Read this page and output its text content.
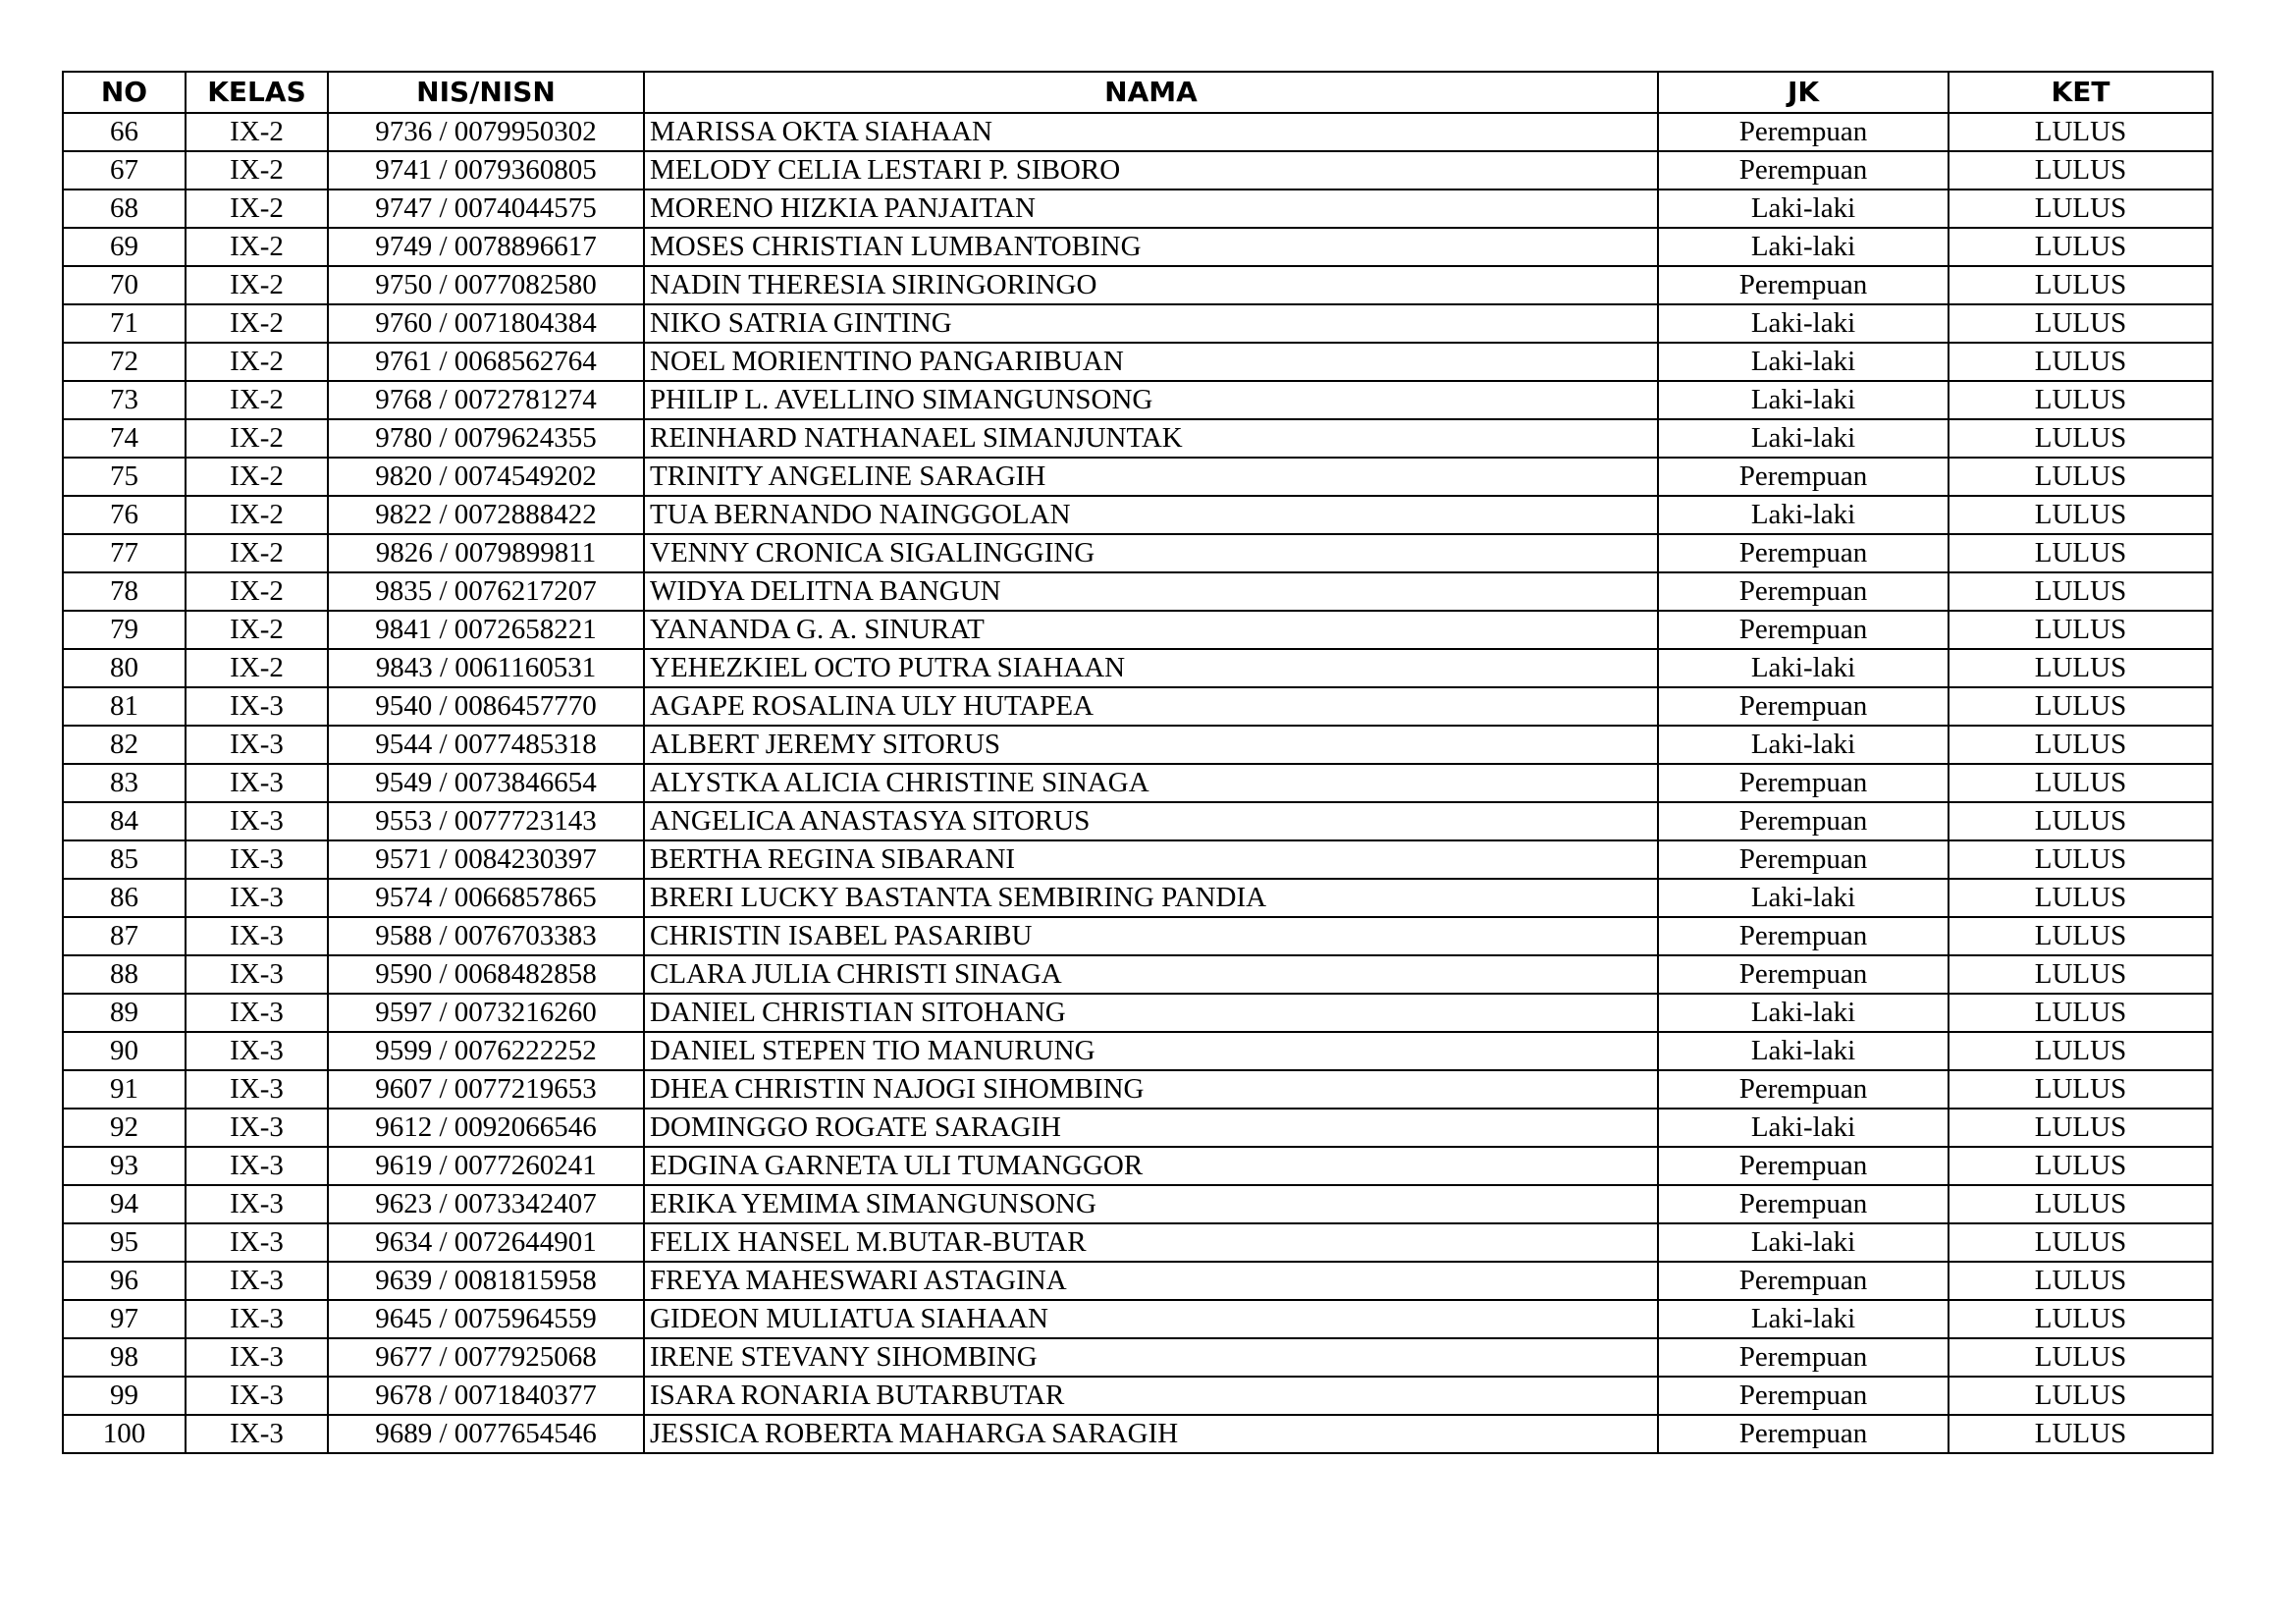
NO	KELAS	NIS/NISN	NAMA	JK	KET
66	IX-2	9736 / 0079950302	MARISSA OKTA SIAHAAN	Perempuan	LULUS
67	IX-2	9741 / 0079360805	MELODY CELIA LESTARI P. SIBORO	Perempuan	LULUS
68	IX-2	9747 / 0074044575	MORENO HIZKIA PANJAITAN	Laki-laki	LULUS
69	IX-2	9749 / 0078896617	MOSES CHRISTIAN LUMBANTOBING	Laki-laki	LULUS
70	IX-2	9750 / 0077082580	NADIN THERESIA SIRINGORINGO	Perempuan	LULUS
71	IX-2	9760 / 0071804384	NIKO SATRIA GINTING	Laki-laki	LULUS
72	IX-2	9761 / 0068562764	NOEL MORIENTINO PANGARIBUAN	Laki-laki	LULUS
73	IX-2	9768 / 0072781274	PHILIP L. AVELLINO SIMANGUNSONG	Laki-laki	LULUS
74	IX-2	9780 / 0079624355	REINHARD NATHANAEL SIMANJUNTAK	Laki-laki	LULUS
75	IX-2	9820 / 0074549202	TRINITY ANGELINE SARAGIH	Perempuan	LULUS
76	IX-2	9822 / 0072888422	TUA BERNANDO NAINGGOLAN	Laki-laki	LULUS
77	IX-2	9826 / 0079899811	VENNY CRONICA SIGALINGGING	Perempuan	LULUS
78	IX-2	9835 / 0076217207	WIDYA DELITNA BANGUN	Perempuan	LULUS
79	IX-2	9841 / 0072658221	YANANDA G. A. SINURAT	Perempuan	LULUS
80	IX-2	9843 / 0061160531	YEHEZKIEL OCTO PUTRA SIAHAAN	Laki-laki	LULUS
81	IX-3	9540 / 0086457770	AGAPE ROSALINA ULY HUTAPEA	Perempuan	LULUS
82	IX-3	9544 / 0077485318	ALBERT JEREMY SITORUS	Laki-laki	LULUS
83	IX-3	9549 / 0073846654	ALYSTKA ALICIA CHRISTINE SINAGA	Perempuan	LULUS
84	IX-3	9553 / 0077723143	ANGELICA ANASTASYA SITORUS	Perempuan	LULUS
85	IX-3	9571 / 0084230397	BERTHA REGINA SIBARANI	Perempuan	LULUS
86	IX-3	9574 / 0066857865	BRERI LUCKY BASTANTA SEMBIRING PANDIA	Laki-laki	LULUS
87	IX-3	9588 / 0076703383	CHRISTIN ISABEL PASARIBU	Perempuan	LULUS
88	IX-3	9590 / 0068482858	CLARA JULIA CHRISTI SINAGA	Perempuan	LULUS
89	IX-3	9597 / 0073216260	DANIEL CHRISTIAN SITOHANG	Laki-laki	LULUS
90	IX-3	9599 / 0076222252	DANIEL STEPEN TIO MANURUNG	Laki-laki	LULUS
91	IX-3	9607 / 0077219653	DHEA CHRISTIN NAJOGI SIHOMBING	Perempuan	LULUS
92	IX-3	9612 / 0092066546	DOMINGGO ROGATE SARAGIH	Laki-laki	LULUS
93	IX-3	9619 / 0077260241	EDGINA GARNETA ULI TUMANGGOR	Perempuan	LULUS
94	IX-3	9623 / 0073342407	ERIKA YEMIMA SIMANGUNSONG	Perempuan	LULUS
95	IX-3	9634 / 0072644901	FELIX HANSEL M.BUTAR-BUTAR	Laki-laki	LULUS
96	IX-3	9639 / 0081815958	FREYA MAHESWARI ASTAGINA	Perempuan	LULUS
97	IX-3	9645 / 0075964559	GIDEON MULIATUA SIAHAAN	Laki-laki	LULUS
98	IX-3	9677 / 0077925068	IRENE STEVANY SIHOMBING	Perempuan	LULUS
99	IX-3	9678 / 0071840377	ISARA RONARIA BUTARBUTAR	Perempuan	LULUS
100	IX-3	9689 / 0077654546	JESSICA ROBERTA MAHARGA SARAGIH	Perempuan	LULUS
